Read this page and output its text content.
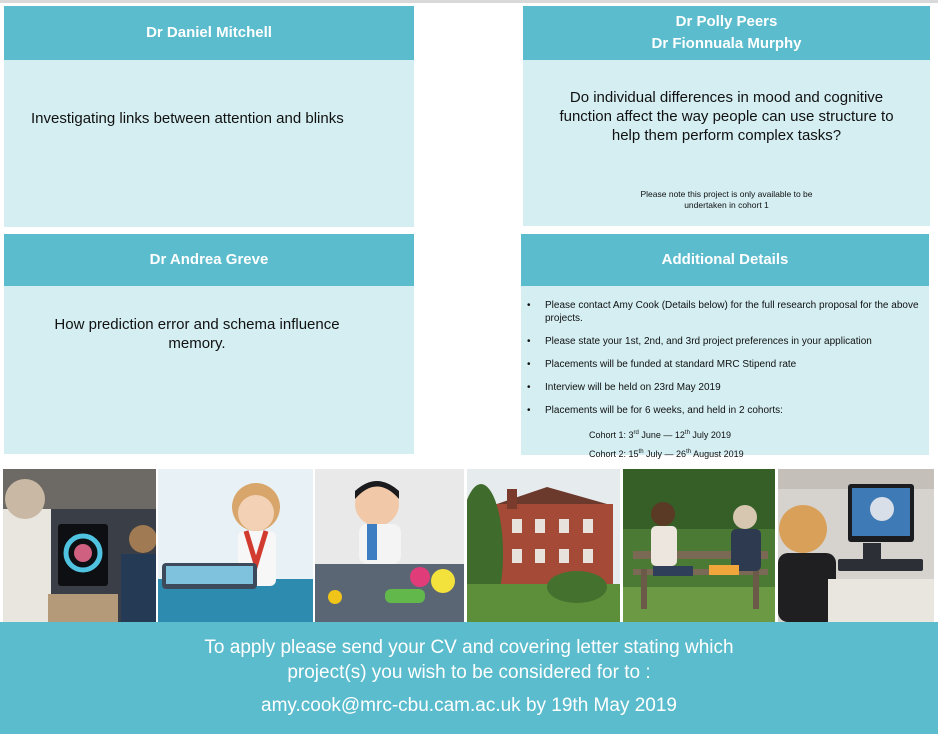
Dr Daniel Mitchell
Investigating links between attention and blinks
Dr Polly Peers
Dr Fionnuala Murphy
Do individual differences in mood and cognitive
function affect the way people can use structure to
help them perform complex tasks?
Please note this project is only available to be
undertaken in cohort 1
Dr Andrea Greve
How prediction error and schema influence
memory.
Additional Details
• Please contact Amy Cook (Details below) for the full research proposal for the above projects.
• Please state your 1st, 2nd, and 3rd project preferences in your application
• Placements will be funded at standard MRC Stipend rate
• Interview will be held on 23rd May 2019
• Placements will be for 6 weeks, and held in 2 cohorts:
Cohort 1: 3rd June — 12th July 2019
Cohort 2: 15th July — 26th August 2019
To apply please send your CV and covering letter stating which
project(s) you wish to be considered for to :
amy.cook@mrc-cbu.cam.ac.uk by 19th May 2019
